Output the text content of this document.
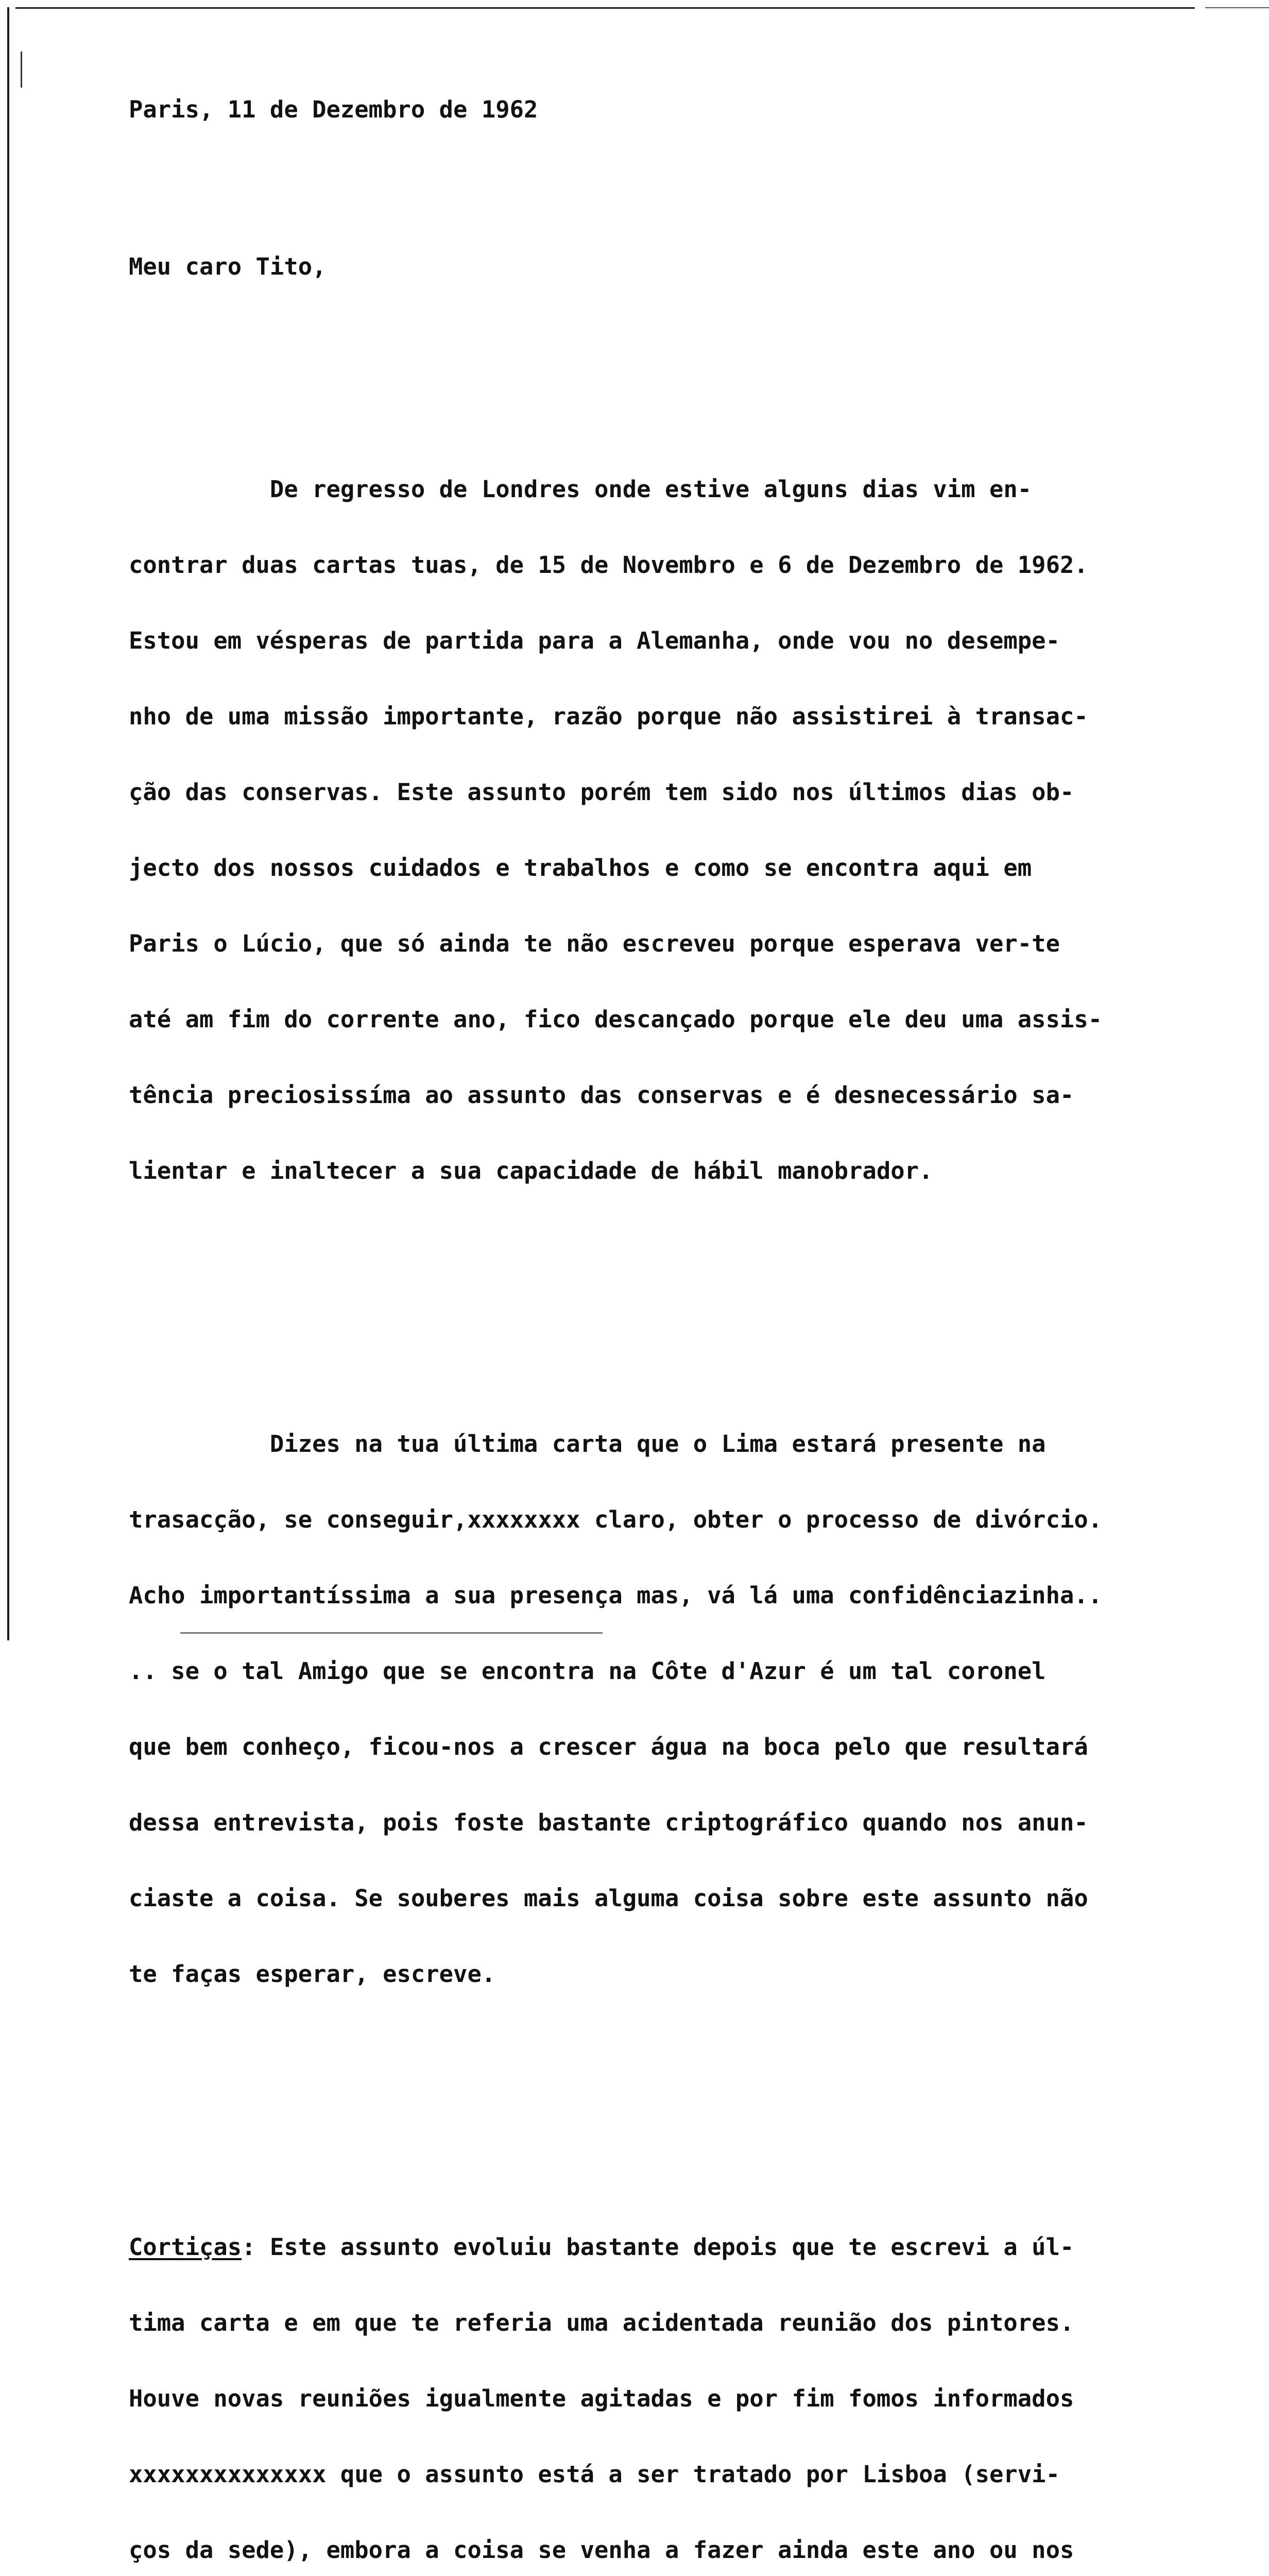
Paris, 11 de Dezembro de 1962

Meu caro Tito,

De regresso de Londres onde estive alguns dias vim en-

contrar duas cartas tuas, de 15 de Novembro e 6 de Dezembro de 1962.

Estou em vésperas de partida para a Alemanha, onde vou no desempe-

nho de uma missão importante, razão porque não assistirei à transac-

ção das conservas. Este assunto porém tem sido nos últimos dias ob-

jecto dos nossos cuidados e trabalhos e como se encontra aqui em

Paris o Lúcio, que só ainda te não escreveu porque esperava ver-te

até am fim do corrente ano, fico descançado porque ele deu uma assis-

tência preciosissíma ao assunto das conservas e é desnecessário sa-

lientar e inaltecer a sua capacidade de hábil manobrador.

Dizes na tua última carta que o Lima estará presente na

trasacção, se conseguir,xxxxxxxx claro, obter o processo de divórcio.

Acho importantíssima a sua presença mas, vá lá uma confidênciazinha..

.. se o tal Amigo que se encontra na Côte d'Azur é um tal coronel

que bem conheço, ficou-nos a crescer água na boca pelo que resultará

dessa entrevista, pois foste bastante criptográfico quando nos anun-

ciaste a coisa. Se souberes mais alguma coisa sobre este assunto não

te faças esperar, escreve.

Cortiças: Este assunto evoluiu bastante depois que te escrevi a úl-

tima carta e em que te referia uma acidentada reunião dos pintores.

Houve novas reuniões igualmente agitadas e por fim fomos informados

xxxxxxxxxxxxxx que o assunto está a ser tratado por Lisboa (servi-

ços da sede), embora a coisa se venha a fazer ainda este ano ou nos
